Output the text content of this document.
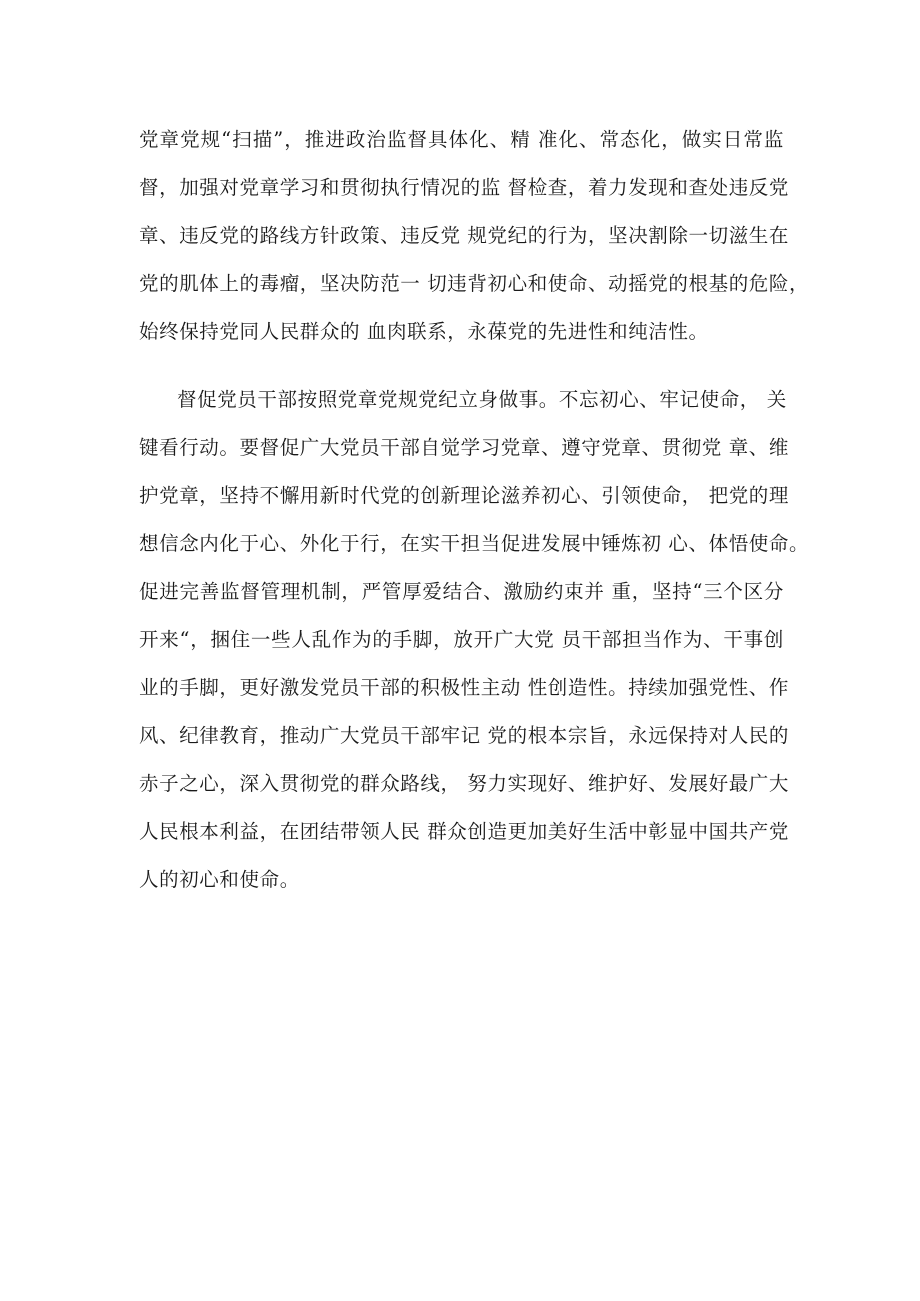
党章党规“扫描”，推进政治监督具体化、精 准化、常态化，做实日常监
督，加强对党章学习和贯彻执行情况的监 督检查，着力发现和查处违反党
章、违反党的路线方针政策、违反党 规党纪的行为，坚决割除一切滋生在
党的肌体上的毒瘤，坚决防范一 切违背初心和使命、动摇党的根基的危险，
始终保持党同人民群众的 血肉联系，永葆党的先进性和纯洁性。
督促党员干部按照党章党规党纪立身做事。不忘初心、牢记使命， 关
键看行动。要督促广大党员干部自觉学习党章、遵守党章、贯彻党 章、维
护党章，坚持不懈用新时代党的创新理论滋养初心、引领使命， 把党的理
想信念内化于心、外化于行，在实干担当促进发展中锤炼初 心、体悟使命。
促进完善监督管理机制，严管厚爱结合、激励约束并 重，坚持“三个区分
开来“，捆住一些人乱作为的手脚，放开广大党 员干部担当作为、干事创
业的手脚，更好激发党员干部的积极性主动 性创造性。持续加强党性、作
风、纪律教育，推动广大党员干部牢记 党的根本宗旨，永远保持对人民的
赤子之心，深入贯彻党的群众路线， 努力实现好、维护好、发展好最广大
人民根本利益，在团结带领人民 群众创造更加美好生活中彰显中国共产党
人的初心和使命。
